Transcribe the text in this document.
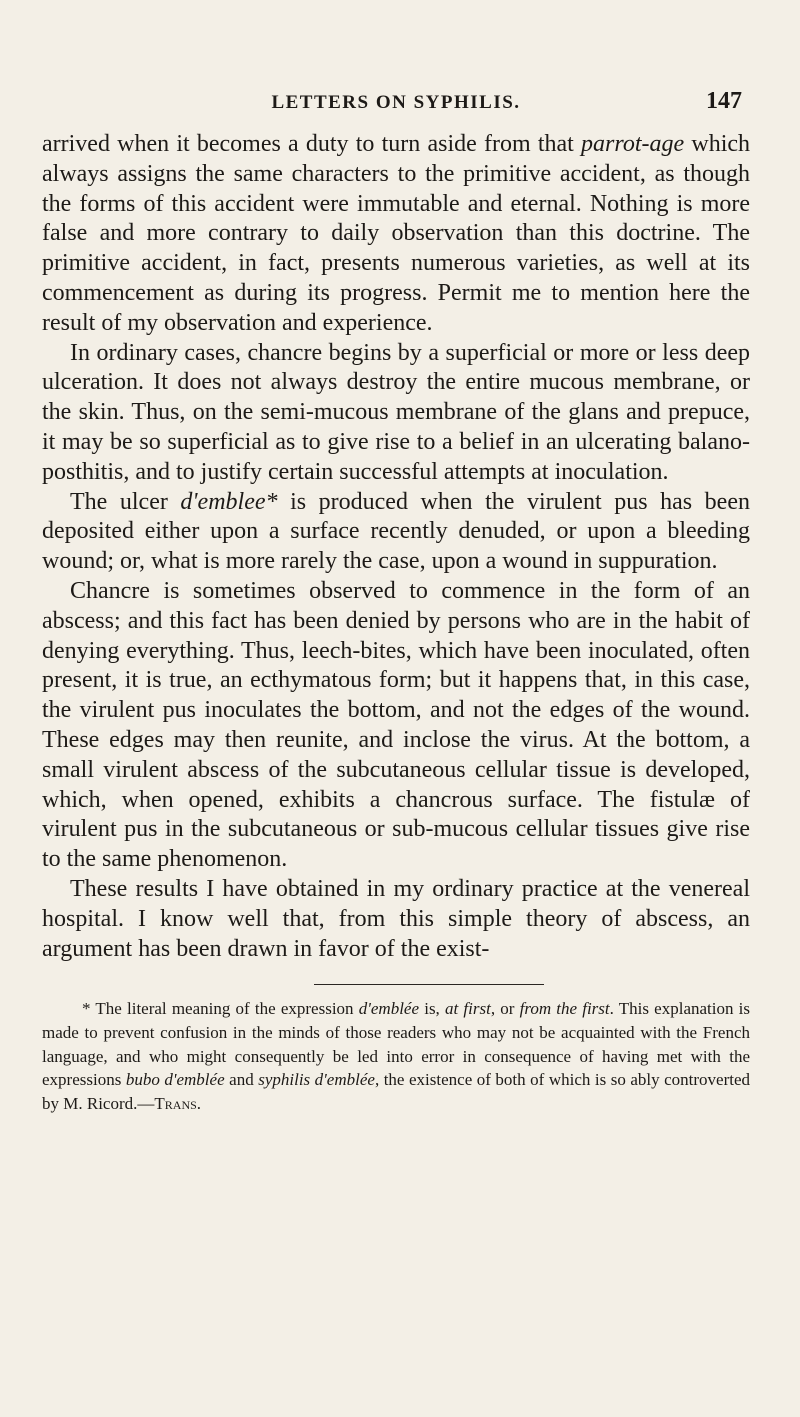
LETTERS ON SYPHILIS.	147

arrived when it becomes a duty to turn aside from that parrot-age which always assigns the same characters to the primitive accident, as though the forms of this accident were immutable and eternal. Nothing is more false and more contrary to daily observation than this doctrine. The primitive accident, in fact, presents numerous varieties, as well at its commencement as during its progress. Permit me to mention here the result of my observation and experience.

In ordinary cases, chancre begins by a superficial or more or less deep ulceration. It does not always destroy the entire mucous membrane, or the skin. Thus, on the semi-mucous membrane of the glans and prepuce, it may be so superficial as to give rise to a belief in an ulcerating balano-posthitis, and to justify certain successful attempts at inoculation.

The ulcer d'emblee* is produced when the virulent pus has been deposited either upon a surface recently denuded, or upon a bleeding wound; or, what is more rarely the case, upon a wound in suppuration.

Chancre is sometimes observed to commence in the form of an abscess; and this fact has been denied by persons who are in the habit of denying everything. Thus, leech-bites, which have been inoculated, often present, it is true, an ecthymatous form; but it happens that, in this case, the virulent pus inoculates the bottom, and not the edges of the wound. These edges may then reunite, and inclose the virus. At the bottom, a small virulent abscess of the subcutaneous cellular tissue is developed, which, when opened, exhibits a chancrous surface. The fistulæ of virulent pus in the subcutaneous or sub-mucous cellular tissues give rise to the same phenomenon.

These results I have obtained in my ordinary practice at the venereal hospital. I know well that, from this simple theory of abscess, an argument has been drawn in favor of the exist-

* The literal meaning of the expression d'emblée is, at first, or from the first. This explanation is made to prevent confusion in the minds of those readers who may not be acquainted with the French language, and who might consequently be led into error in consequence of having met with the expressions bubo d'emblée and syphilis d'emblée, the existence of both of which is so ably controverted by M. Ricord.—Trans.
